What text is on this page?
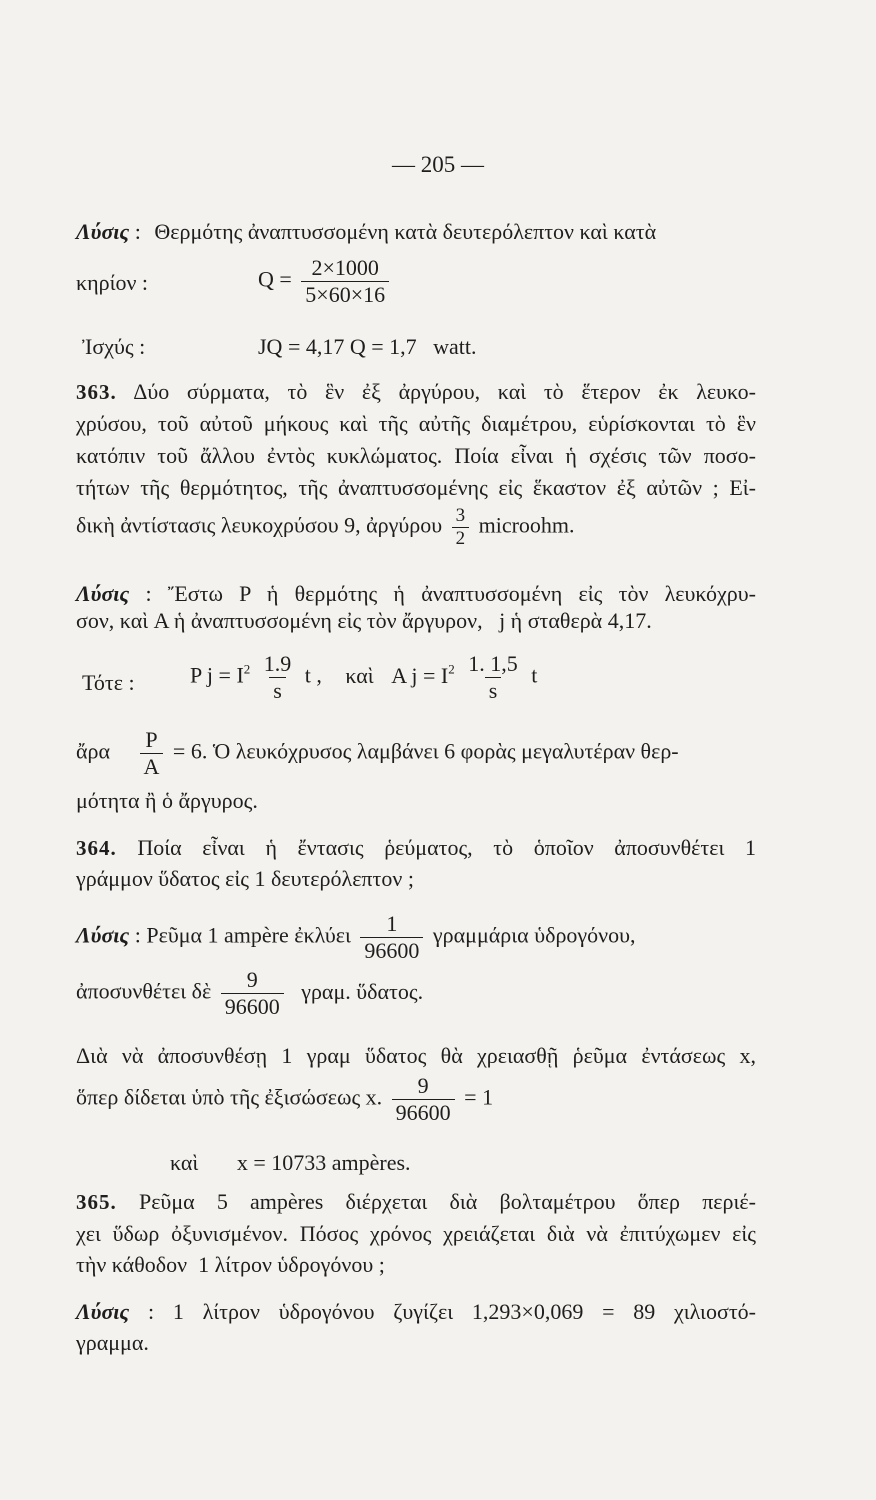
— 205 —
Λύσις : Θερμότης ἀναπτυσσομένη κατὰ δευτερόλεπτον καὶ κατὰ
κηρίον :	$Q = \frac{2\times 1000}{5\times 60\times 16}$
Ἰσχύς :	JQ = 4,17 Q = 1,7   watt.
363. Δύο σύρματα, τὸ ἓν ἐξ ἀργύρου, καὶ τὸ ἕτερον ἐκ λευκο-
χρύσου, τοῦ αὐτοῦ μήκους καὶ τῆς αὐτῆς διαμέτρου, εὑρίσκονται τὸ ἓν
κατόπιν τοῦ ἄλλου ἐντὸς κυκλώματος. Ποία εἶναι ἡ σχέσις τῶν ποσο-
τήτων τῆς θερμότητος, τῆς ἀναπτυσσομένης εἰς ἕκαστον ἐξ αὐτῶν ; Εἰ-
δικὴ ἀντίστασις λευκοχρύσου 9, ἀργύρου $\frac{3}{2}$ microohm.
Λύσις : Ἔστω P ἡ θερμότης ἡ ἀναπτυσσομένη εἰς τὸν λευκόχρυ-
σον, καὶ A ἡ ἀναπτυσσομένη εἰς τὸν ἄργυρον,   j ἡ σταθερὰ 4,17.
Τότε :	P $j = I^2 \frac{1.9}{s}$ t , καὶ A $j = I^2 \frac{1. 1,5}{s}$ t
ἄρα $\frac{P}{A} = 6$. Ὁ λευκόχρυσος λαμβάνει 6 φορὰς μεγαλυτέραν θερ-
μότητα ἢ ὁ ἄργυρος.
364. Ποία εἶναι ἡ ἔντασις ῥεύματος, τὸ ὁποῖον ἀποσυνθέτει 1
γράμμον ὕδατος εἰς 1 δευτερόλεπτον ;
Λύσις : Ρεῦμα 1 ampère ἐκλύει $\frac{1}{96600}$ γραμμάρια ὑδρογόνου,
ἀποσυνθέτει δὲ $\frac{9}{96600} \gamma\rho\alpha\mu$. ὕδατος.
Διὰ νὰ ἀποσυνθέσῃ 1 γραμ ὕδατος θὰ χρειασθῇ ῥεῦμα ἐντάσεως x,
ὅπερ δίδεται ὑπὸ τῆς ἐξισώσεως x. $\frac{9}{96600} = 1$
καὶ       x = 10733 ampères.
365. Ρεῦμα 5 ampères διέρχεται διὰ βολταμέτρου ὅπερ περιέ-
χει ὕδωρ ὀξυνισμένον. Πόσος χρόνος χρειάζεται διὰ νὰ ἐπιτύχωμεν εἰς
τὴν κάθοδον  1 λίτρον ὑδρογόνου ;
Λύσις : 1 λίτρον ὑδρογόνου ζυγίζει 1,293×0,069 = 89 χιλιοστό-
γραμμα.
